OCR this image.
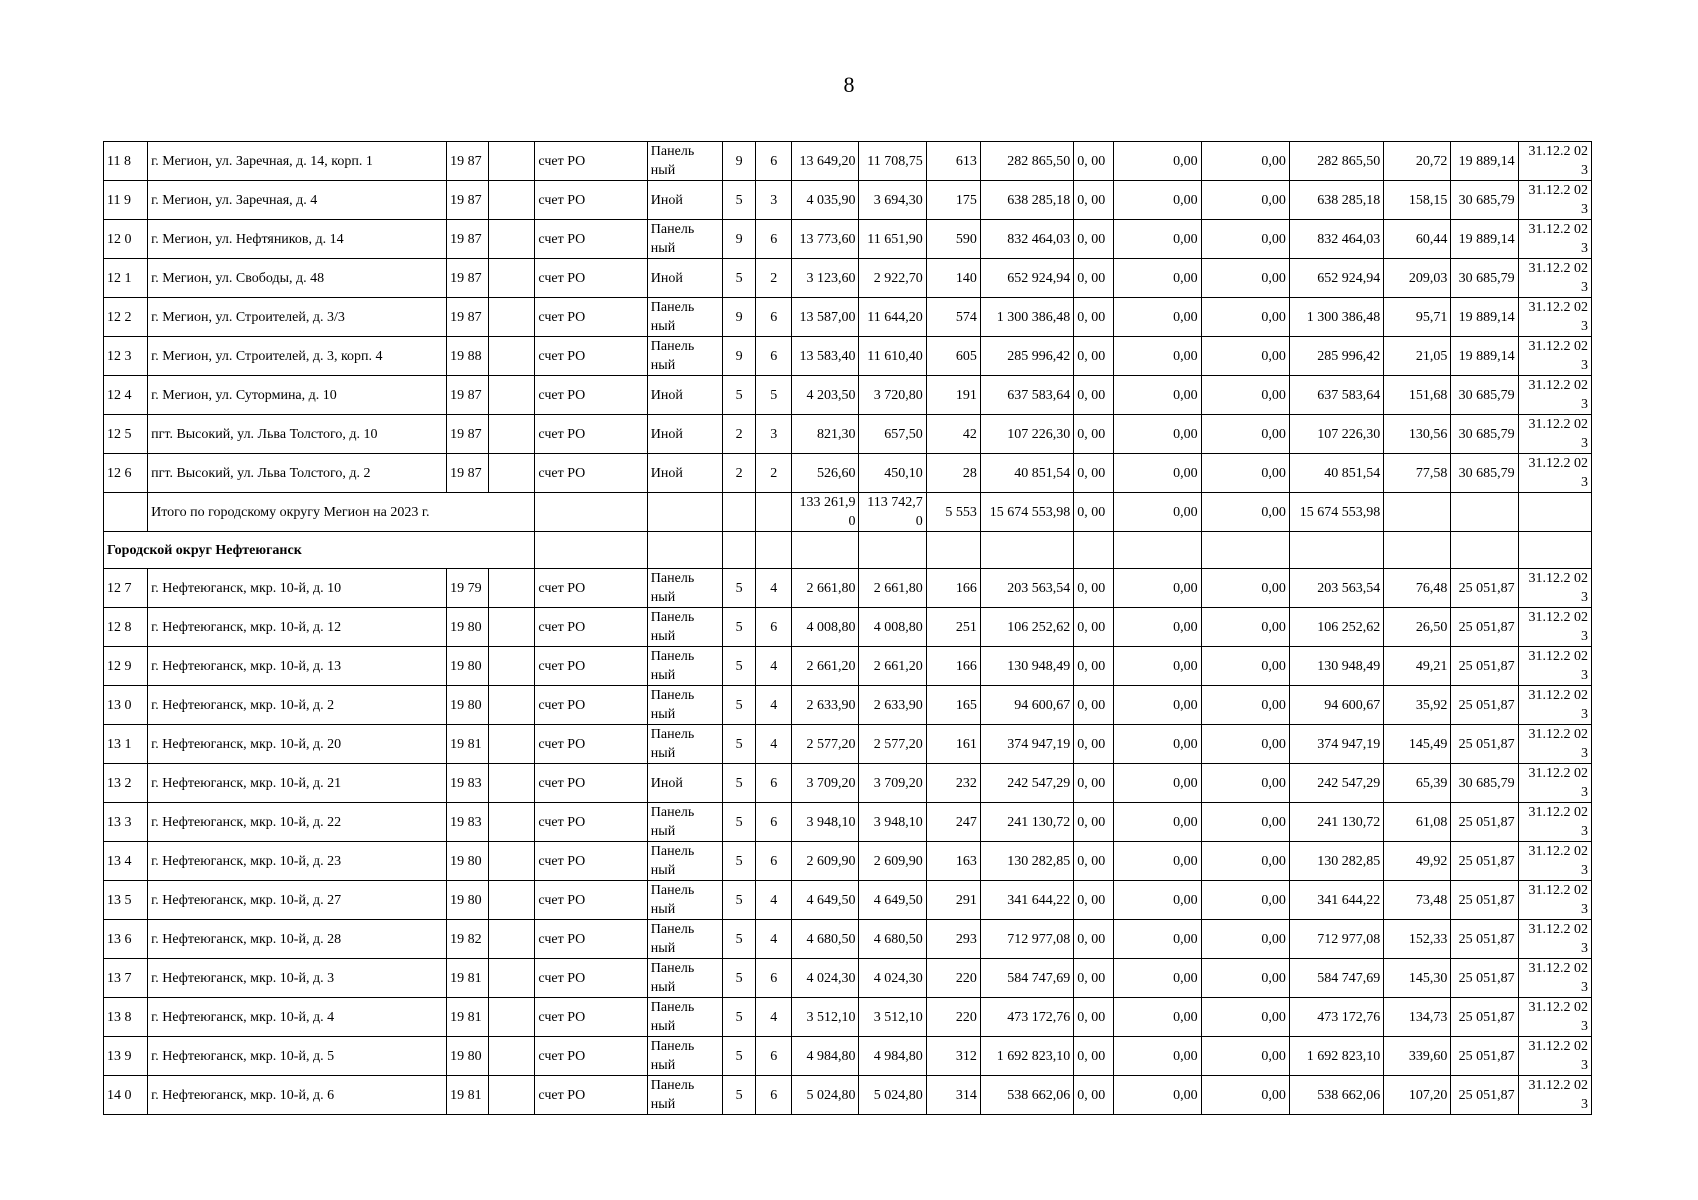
8
11 8	г. Мегион, ул. Заречная, д. 14, корп. 1	19 87		счет РО	Панель ный	9	6	13 649,20	11 708,75	613	282 865,50	0, 00	0,00	0,00	282 865,50	20,72	19 889,14	31.12.2 023
11 9	г. Мегион, ул. Заречная, д. 4	19 87		счет РО	Иной	5	3	4 035,90	3 694,30	175	638 285,18	0, 00	0,00	0,00	638 285,18	158,15	30 685,79	31.12.2 023
12 0	г. Мегион, ул. Нефтяников, д. 14	19 87		счет РО	Панель ный	9	6	13 773,60	11 651,90	590	832 464,03	0, 00	0,00	0,00	832 464,03	60,44	19 889,14	31.12.2 023
12 1	г. Мегион, ул. Свободы, д. 48	19 87		счет РО	Иной	5	2	3 123,60	2 922,70	140	652 924,94	0, 00	0,00	0,00	652 924,94	209,03	30 685,79	31.12.2 023
12 2	г. Мегион, ул. Строителей, д. 3/3	19 87		счет РО	Панель ный	9	6	13 587,00	11 644,20	574	1 300 386,48	0, 00	0,00	0,00	1 300 386,48	95,71	19 889,14	31.12.2 023
12 3	г. Мегион, ул. Строителей, д. 3, корп. 4	19 88		счет РО	Панель ный	9	6	13 583,40	11 610,40	605	285 996,42	0, 00	0,00	0,00	285 996,42	21,05	19 889,14	31.12.2 023
12 4	г. Мегион, ул. Сутормина, д. 10	19 87		счет РО	Иной	5	5	4 203,50	3 720,80	191	637 583,64	0, 00	0,00	0,00	637 583,64	151,68	30 685,79	31.12.2 023
12 5	пгт. Высокий, ул. Льва Толстого, д. 10	19 87		счет РО	Иной	2	3	821,30	657,50	42	107 226,30	0, 00	0,00	0,00	107 226,30	130,56	30 685,79	31.12.2 023
12 6	пгт. Высокий, ул. Льва Толстого, д. 2	19 87		счет РО	Иной	2	2	526,60	450,10	28	40 851,54	0, 00	0,00	0,00	40 851,54	77,58	30 685,79	31.12.2 023
	Итого по городскому округу Мегион на 2023 г.							133 261,90	113 742,70	5 553	15 674 553,98	0, 00	0,00	0,00	15 674 553,98			
Городской округ Нефтеюганск																		
12 7	г. Нефтеюганск, мкр. 10-й, д. 10	19 79		счет РО	Панель ный	5	4	2 661,80	2 661,80	166	203 563,54	0, 00	0,00	0,00	203 563,54	76,48	25 051,87	31.12.2 023
12 8	г. Нефтеюганск, мкр. 10-й, д. 12	19 80		счет РО	Панель ный	5	6	4 008,80	4 008,80	251	106 252,62	0, 00	0,00	0,00	106 252,62	26,50	25 051,87	31.12.2 023
12 9	г. Нефтеюганск, мкр. 10-й, д. 13	19 80		счет РО	Панель ный	5	4	2 661,20	2 661,20	166	130 948,49	0, 00	0,00	0,00	130 948,49	49,21	25 051,87	31.12.2 023
13 0	г. Нефтеюганск, мкр. 10-й, д. 2	19 80		счет РО	Панель ный	5	4	2 633,90	2 633,90	165	94 600,67	0, 00	0,00	0,00	94 600,67	35,92	25 051,87	31.12.2 023
13 1	г. Нефтеюганск, мкр. 10-й, д. 20	19 81		счет РО	Панель ный	5	4	2 577,20	2 577,20	161	374 947,19	0, 00	0,00	0,00	374 947,19	145,49	25 051,87	31.12.2 023
13 2	г. Нефтеюганск, мкр. 10-й, д. 21	19 83		счет РО	Иной	5	6	3 709,20	3 709,20	232	242 547,29	0, 00	0,00	0,00	242 547,29	65,39	30 685,79	31.12.2 023
13 3	г. Нефтеюганск, мкр. 10-й, д. 22	19 83		счет РО	Панель ный	5	6	3 948,10	3 948,10	247	241 130,72	0, 00	0,00	0,00	241 130,72	61,08	25 051,87	31.12.2 023
13 4	г. Нефтеюганск, мкр. 10-й, д. 23	19 80		счет РО	Панель ный	5	6	2 609,90	2 609,90	163	130 282,85	0, 00	0,00	0,00	130 282,85	49,92	25 051,87	31.12.2 023
13 5	г. Нефтеюганск, мкр. 10-й, д. 27	19 80		счет РО	Панель ный	5	4	4 649,50	4 649,50	291	341 644,22	0, 00	0,00	0,00	341 644,22	73,48	25 051,87	31.12.2 023
13 6	г. Нефтеюганск, мкр. 10-й, д. 28	19 82		счет РО	Панель ный	5	4	4 680,50	4 680,50	293	712 977,08	0, 00	0,00	0,00	712 977,08	152,33	25 051,87	31.12.2 023
13 7	г. Нефтеюганск, мкр. 10-й, д. 3	19 81		счет РО	Панель ный	5	6	4 024,30	4 024,30	220	584 747,69	0, 00	0,00	0,00	584 747,69	145,30	25 051,87	31.12.2 023
13 8	г. Нефтеюганск, мкр. 10-й, д. 4	19 81		счет РО	Панель ный	5	4	3 512,10	3 512,10	220	473 172,76	0, 00	0,00	0,00	473 172,76	134,73	25 051,87	31.12.2 023
13 9	г. Нефтеюганск, мкр. 10-й, д. 5	19 80		счет РО	Панель ный	5	6	4 984,80	4 984,80	312	1 692 823,10	0, 00	0,00	0,00	1 692 823,10	339,60	25 051,87	31.12.2 023
14 0	г. Нефтеюганск, мкр. 10-й, д. 6	19 81		счет РО	Панель ный	5	6	5 024,80	5 024,80	314	538 662,06	0, 00	0,00	0,00	538 662,06	107,20	25 051,87	31.12.2 023
